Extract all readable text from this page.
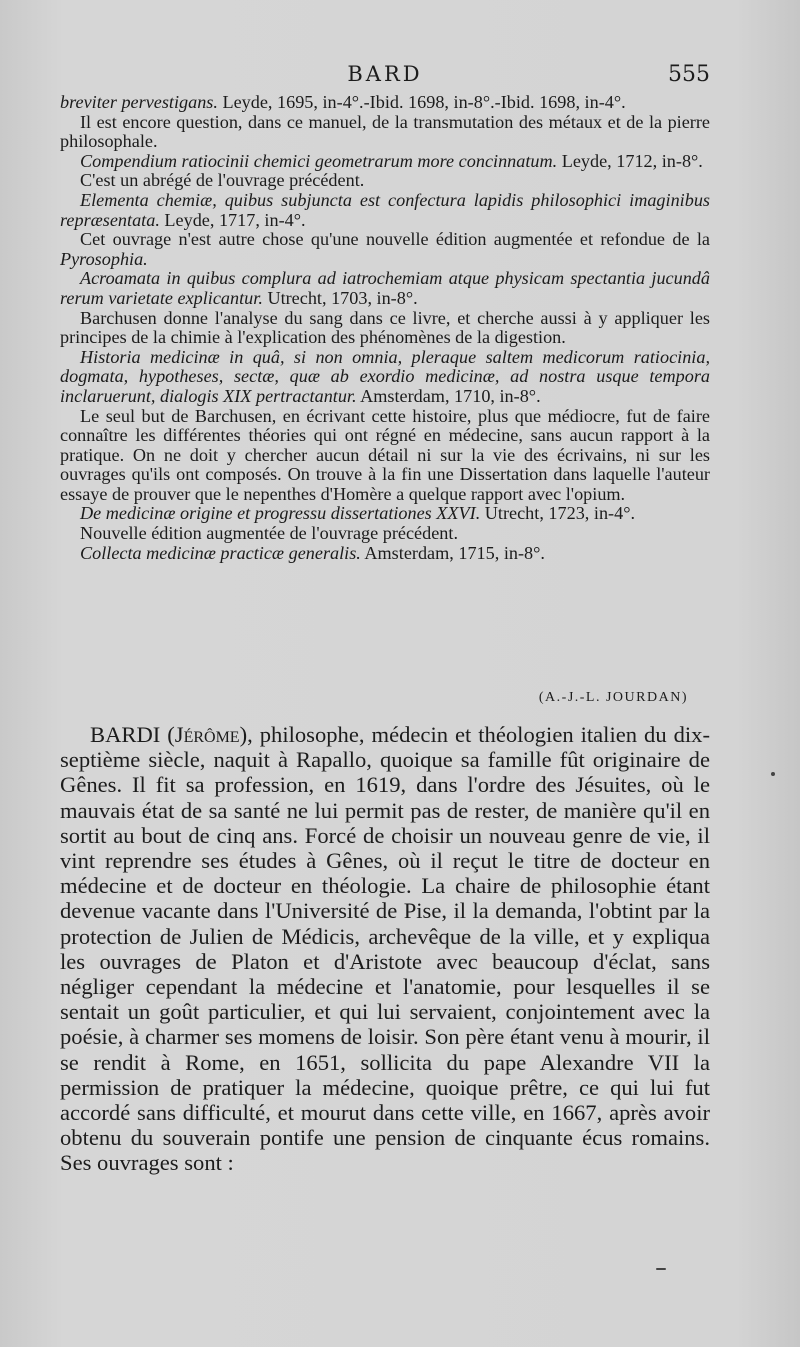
BARD	555

breviter pervestigans. Leyde, 1695, in-4°.-Ibid. 1698, in-8°.-Ibid. 1698, in-4°.

Il est encore question, dans ce manuel, de la transmutation des métaux et de la pierre philosophale.

Compendium ratiocinii chemici geometrarum more concinnatum. Leyde, 1712, in-8°.

C'est un abrégé de l'ouvrage précédent.

Elementa chemiæ, quibus subjuncta est confectura lapidis philosophici imaginibus repræsentata. Leyde, 1717, in-4°.

Cet ouvrage n'est autre chose qu'une nouvelle édition augmentée et refondue de la Pyrosophia.

Acroamata in quibus complura ad iatrochemiam atque physicam spectantia jucundâ rerum varietate explicantur. Utrecht, 1703, in-8°.

Barchusen donne l'analyse du sang dans ce livre, et cherche aussi à y appliquer les principes de la chimie à l'explication des phénomènes de la digestion.

Historia medicinæ in quâ, si non omnia, pleraque saltem medicorum ratiocinia, dogmata, hypotheses, sectæ, quæ ab exordio medicinæ, ad nostra usque tempora inclaruerunt, dialogis XIX pertractantur. Amsterdam, 1710, in-8°.

Le seul but de Barchusen, en écrivant cette histoire, plus que médiocre, fut de faire connaître les différentes théories qui ont régné en médecine, sans aucun rapport à la pratique. On ne doit y chercher aucun détail ni sur la vie des écrivains, ni sur les ouvrages qu'ils ont composés. On trouve à la fin une Dissertation dans laquelle l'auteur essaye de prouver que le nepenthes d'Homère a quelque rapport avec l'opium.

De medicinæ origine et progressu dissertationes XXVI. Utrecht, 1723, in-4°.

Nouvelle édition augmentée de l'ouvrage précédent.

Collecta medicinæ practicæ generalis. Amsterdam, 1715, in-8°.

(A.-J.-L. JOURDAN)

BARDI (Jérôme), philosophe, médecin et théologien italien du dix-septième siècle, naquit à Rapallo, quoique sa famille fût originaire de Gênes. Il fit sa profession, en 1619, dans l'ordre des Jésuites, où le mauvais état de sa santé ne lui permit pas de rester, de manière qu'il en sortit au bout de cinq ans. Forcé de choisir un nouveau genre de vie, il vint reprendre ses études à Gênes, où il reçut le titre de docteur en médecine et de docteur en théologie. La chaire de philosophie étant devenue vacante dans l'Université de Pise, il la demanda, l'obtint par la protection de Julien de Médicis, archevêque de la ville, et y expliqua les ouvrages de Platon et d'Aristote avec beaucoup d'éclat, sans négliger cependant la médecine et l'anatomie, pour lesquelles il se sentait un goût particulier, et qui lui servaient, conjointement avec la poésie, à charmer ses momens de loisir. Son père étant venu à mourir, il se rendit à Rome, en 1651, sollicita du pape Alexandre VII la permission de pratiquer la médecine, quoique prêtre, ce qui lui fut accordé sans difficulté, et mourut dans cette ville, en 1667, après avoir obtenu du souverain pontife une pension de cinquante écus romains. Ses ouvrages sont :
